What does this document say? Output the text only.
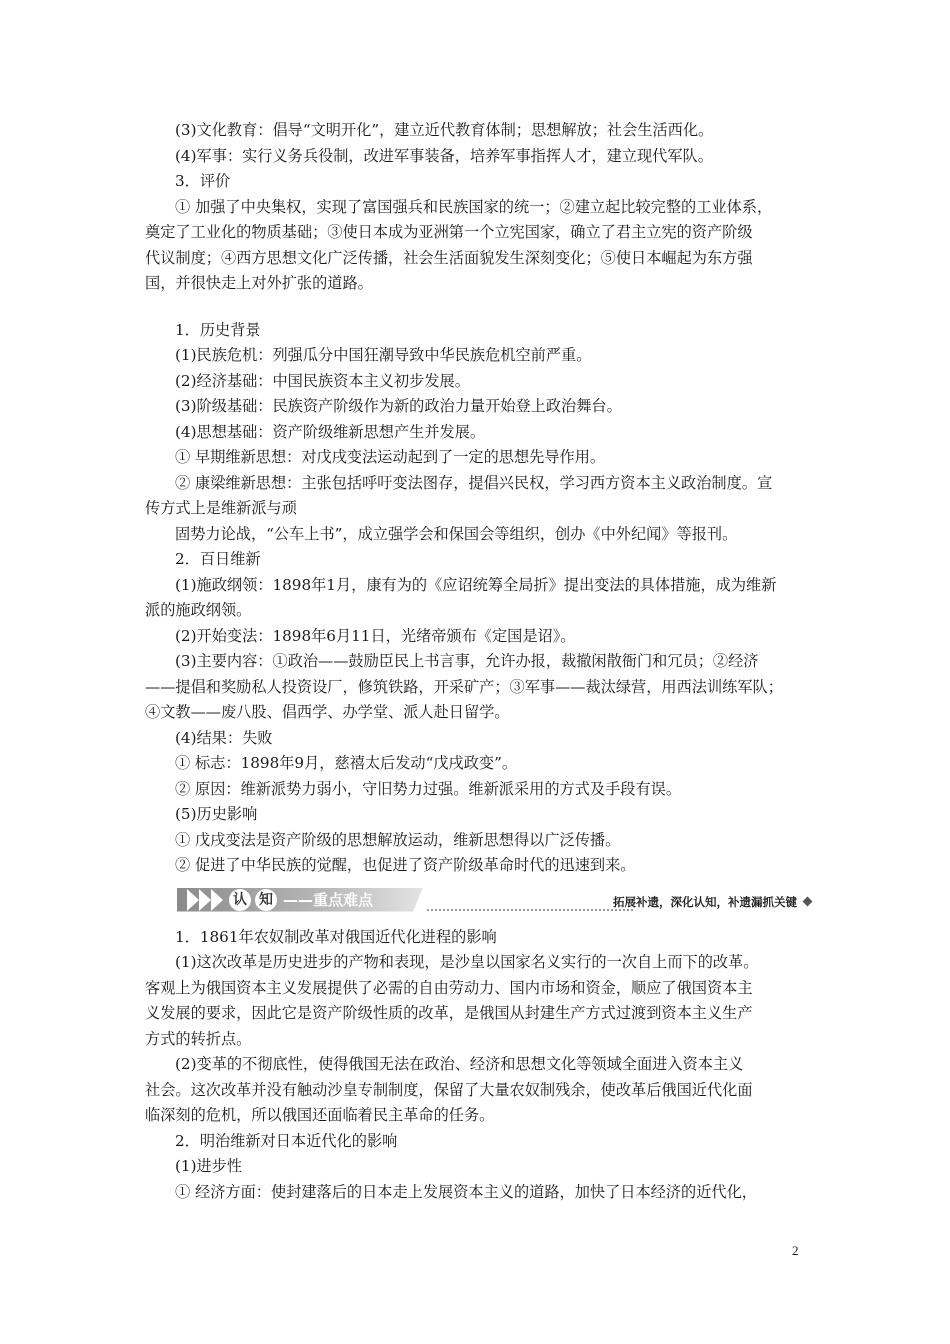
(3)文化教育：倡导“文明开化”，建立近代教育体制；思想解放；社会生活西化。
(4)军事：实行义务兵役制，改进军事装备，培养军事指挥人才，建立现代军队。
3．评价
① 加强了中央集权，实现了富国强兵和民族国家的统一；②建立起比较完整的工业体系，
奠定了工业化的物质基础；③使日本成为亚洲第一个立宪国家，确立了君主立宪的资产阶级
代议制度；④西方思想文化广泛传播，社会生活面貌发生深刻变化；⑤使日本崛起为东方强
国，并很快走上对外扩张的道路。
1．历史背景
(1)民族危机：列强瓜分中国狂潮导致中华民族危机空前严重。
(2)经济基础：中国民族资本主义初步发展。
(3)阶级基础：民族资产阶级作为新的政治力量开始登上政治舞台。
(4)思想基础：资产阶级维新思想产生并发展。
① 早期维新思想：对戊戌变法运动起到了一定的思想先导作用。
② 康梁维新思想：主张包括呼吁变法图存，提倡兴民权，学习西方资本主义政治制度。宣
传方式上是维新派与顽
固势力论战，“公车上书”，成立强学会和保国会等组织，创办《中外纪闻》等报刊。
2．百日维新
(1)施政纲领：1898年1月，康有为的《应诏统筹全局折》提出变法的具体措施，成为维新
派的施政纲领。
(2)开始变法：1898年6月11日，光绪帝颁布《定国是诏》。
(3)主要内容：①政治——鼓励臣民上书言事，允许办报，裁撤闲散衙门和冗员；②经济
——提倡和奖励私人投资设厂，修筑铁路，开采矿产；③军事——裁汰绿营，用西法训练军队；
④文教——废八股、倡西学、办学堂、派人赴日留学。
(4)结果：失败
① 标志：1898年9月，慈禧太后发动“戊戌政变”。
② 原因：维新派势力弱小，守旧势力过强。维新派采用的方式及手段有误。
(5)历史影响
① 戊戌变法是资产阶级的思想解放运动，维新思想得以广泛传播。
② 促进了中华民族的觉醒，也促进了资产阶级革命时代的迅速到来。
认 知 ——重点难点	拓展补遗，深化认知，补遗漏抓关键
1．1861年农奴制改革对俄国近代化进程的影响
(1)这次改革是历史进步的产物和表现，是沙皇以国家名义实行的一次自上而下的改革。
客观上为俄国资本主义发展提供了必需的自由劳动力、国内市场和资金，顺应了俄国资本主
义发展的要求，因此它是资产阶级性质的改革，是俄国从封建生产方式过渡到资本主义生产
方式的转折点。
(2)变革的不彻底性，使得俄国无法在政治、经济和思想文化等领域全面进入资本主义
社会。这次改革并没有触动沙皇专制制度，保留了大量农奴制残余，使改革后俄国近代化面
临深刻的危机，所以俄国还面临着民主革命的任务。
2．明治维新对日本近代化的影响
(1)进步性
① 经济方面：使封建落后的日本走上发展资本主义的道路，加快了日本经济的近代化，
2
